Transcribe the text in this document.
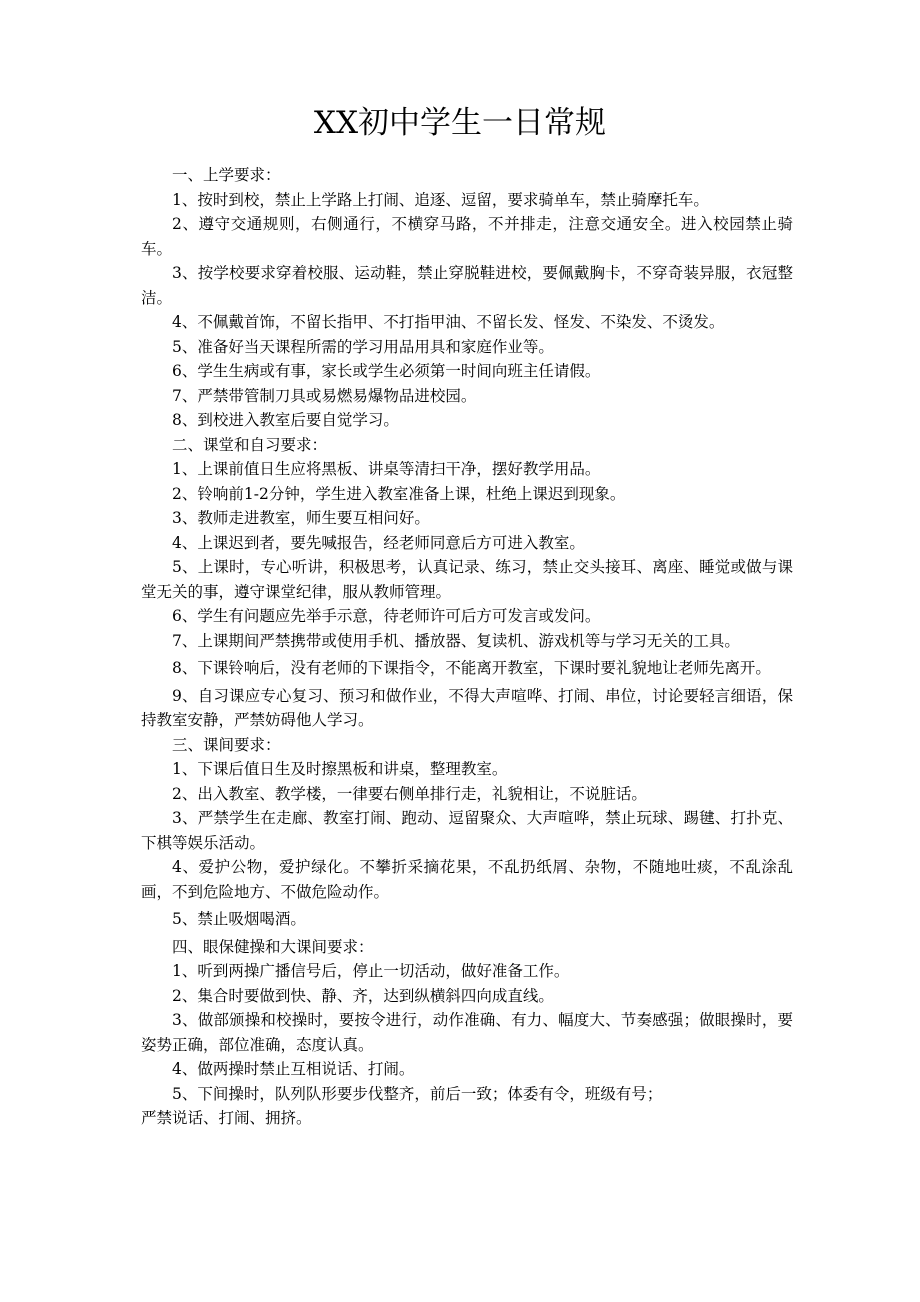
XX初中学生一日常规

一、上学要求：

1、按时到校，禁止上学路上打闹、追逐、逗留，要求骑单车，禁止骑摩托车。

2、遵守交通规则，右侧通行，不横穿马路，不并排走，注意交通安全。进入校园禁止骑车。

3、按学校要求穿着校服、运动鞋，禁止穿脱鞋进校，要佩戴胸卡，不穿奇装异服，衣冠整洁。

4、不佩戴首饰，不留长指甲、不打指甲油、不留长发、怪发、不染发、不烫发。

5、准备好当天课程所需的学习用品用具和家庭作业等。

6、学生生病或有事，家长或学生必须第一时间向班主任请假。

7、严禁带管制刀具或易燃易爆物品进校园。

8、到校进入教室后要自觉学习。

二、课堂和自习要求：

1、上课前值日生应将黑板、讲桌等清扫干净，摆好教学用品。

2、铃响前1-2分钟，学生进入教室准备上课，杜绝上课迟到现象。

3、教师走进教室，师生要互相问好。

4、上课迟到者，要先喊报告，经老师同意后方可进入教室。

5、上课时，专心听讲，积极思考，认真记录、练习，禁止交头接耳、离座、睡觉或做与课堂无关的事，遵守课堂纪律，服从教师管理。

6、学生有问题应先举手示意，待老师许可后方可发言或发问。

7、上课期间严禁携带或使用手机、播放器、复读机、游戏机等与学习无关的工具。

8、下课铃响后，没有老师的下课指令，不能离开教室，下课时要礼貌地让老师先离开。

9、自习课应专心复习、预习和做作业，不得大声喧哗、打闹、串位，讨论要轻言细语，保持教室安静，严禁妨碍他人学习。

三、课间要求：

1、下课后值日生及时擦黑板和讲桌，整理教室。

2、出入教室、教学楼，一律要右侧单排行走，礼貌相让，不说脏话。

3、严禁学生在走廊、教室打闹、跑动、逗留聚众、大声喧哗，禁止玩球、踢毽、打扑克、下棋等娱乐活动。

4、爱护公物，爱护绿化。不攀折采摘花果，不乱扔纸屑、杂物，不随地吐痰，不乱涂乱画，不到危险地方、不做危险动作。

5、禁止吸烟喝酒。

四、眼保健操和大课间要求：

1、听到两操广播信号后，停止一切活动，做好准备工作。

2、集合时要做到快、静、齐，达到纵横斜四向成直线。

3、做部颁操和校操时，要按令进行，动作准确、有力、幅度大、节奏感强；做眼操时，要姿势正确，部位准确，态度认真。

4、做两操时禁止互相说话、打闹。

5、下间操时，队列队形要步伐整齐，前后一致；体委有令，班级有号；

严禁说话、打闹、拥挤。
